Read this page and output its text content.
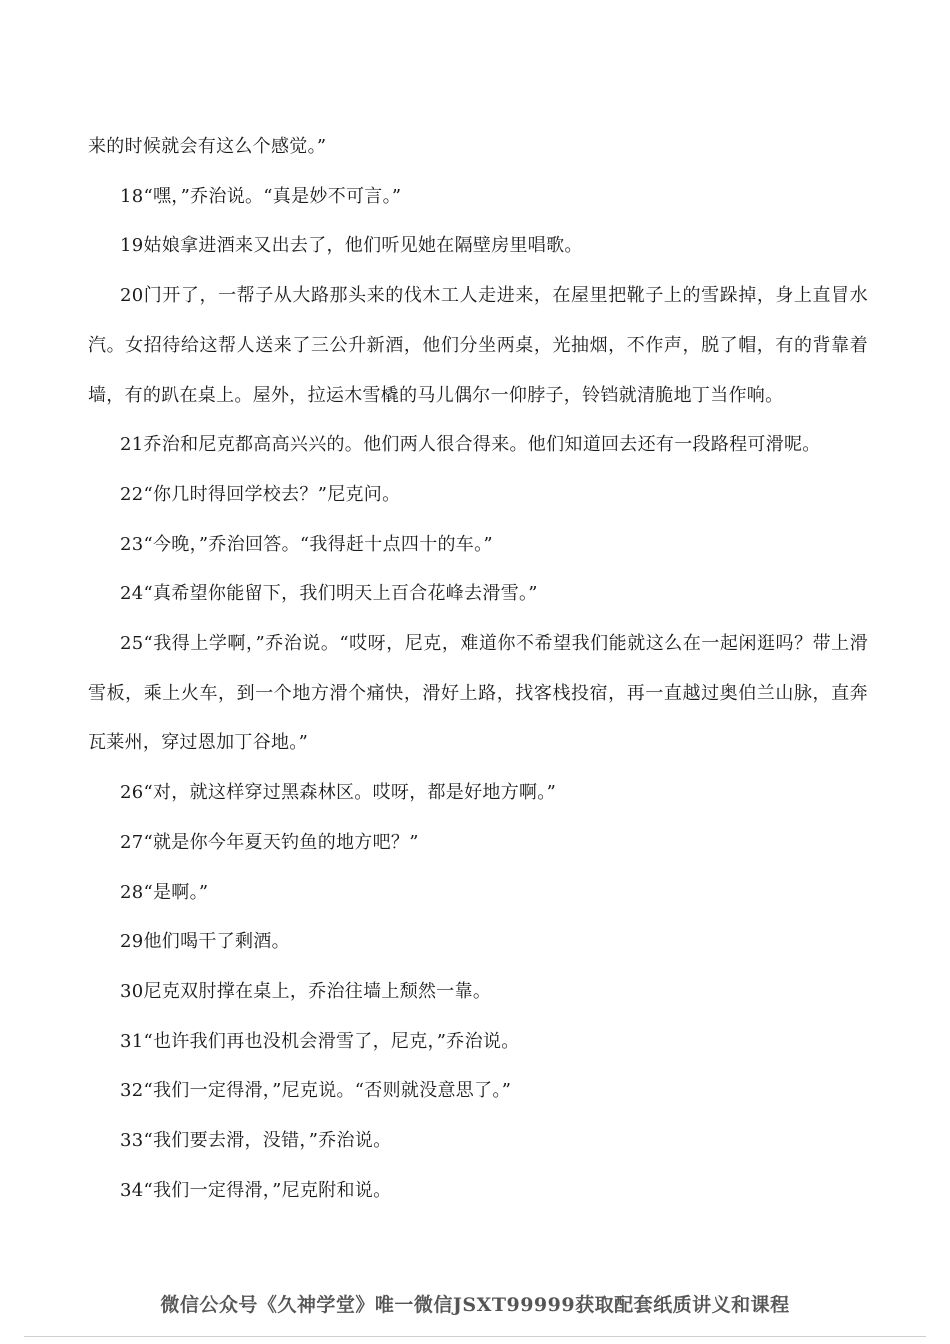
来的时候就会有这么个感觉。”

18“嘿，”乔治说。“真是妙不可言。”

19姑娘拿进酒来又出去了，他们听见她在隔壁房里唱歌。

20门开了，一帮子从大路那头来的伐木工人走进来，在屋里把靴子上的雪跺掉，身上直冒水汽。女招待给这帮人送来了三公升新酒，他们分坐两桌，光抽烟，不作声，脱了帽，有的背靠着墙，有的趴在桌上。屋外，拉运木雪橇的马儿偶尔一仰脖子，铃铛就清脆地丁当作响。

21乔治和尼克都高高兴兴的。他们两人很合得来。他们知道回去还有一段路程可滑呢。

22“你几时得回学校去？”尼克问。

23“今晚，”乔治回答。“我得赶十点四十的车。”

24“真希望你能留下，我们明天上百合花峰去滑雪。”

25“我得上学啊，”乔治说。“哎呀，尼克，难道你不希望我们能就这么在一起闲逛吗？带上滑雪板，乘上火车，到一个地方滑个痛快，滑好上路，找客栈投宿，再一直越过奥伯兰山脉，直奔瓦莱州，穿过恩加丁谷地。”

26“对，就这样穿过黑森林区。哎呀，都是好地方啊。”

27“就是你今年夏天钓鱼的地方吧？”

28“是啊。”

29他们喝干了剩酒。

30尼克双肘撑在桌上，乔治往墙上颓然一靠。

31“也许我们再也没机会滑雪了，尼克，”乔治说。

32“我们一定得滑，”尼克说。“否则就没意思了。”

33“我们要去滑，没错，”乔治说。

34“我们一定得滑，”尼克附和说。

微信公众号《久神学堂》唯一微信JSXT99999获取配套纸质讲义和课程
